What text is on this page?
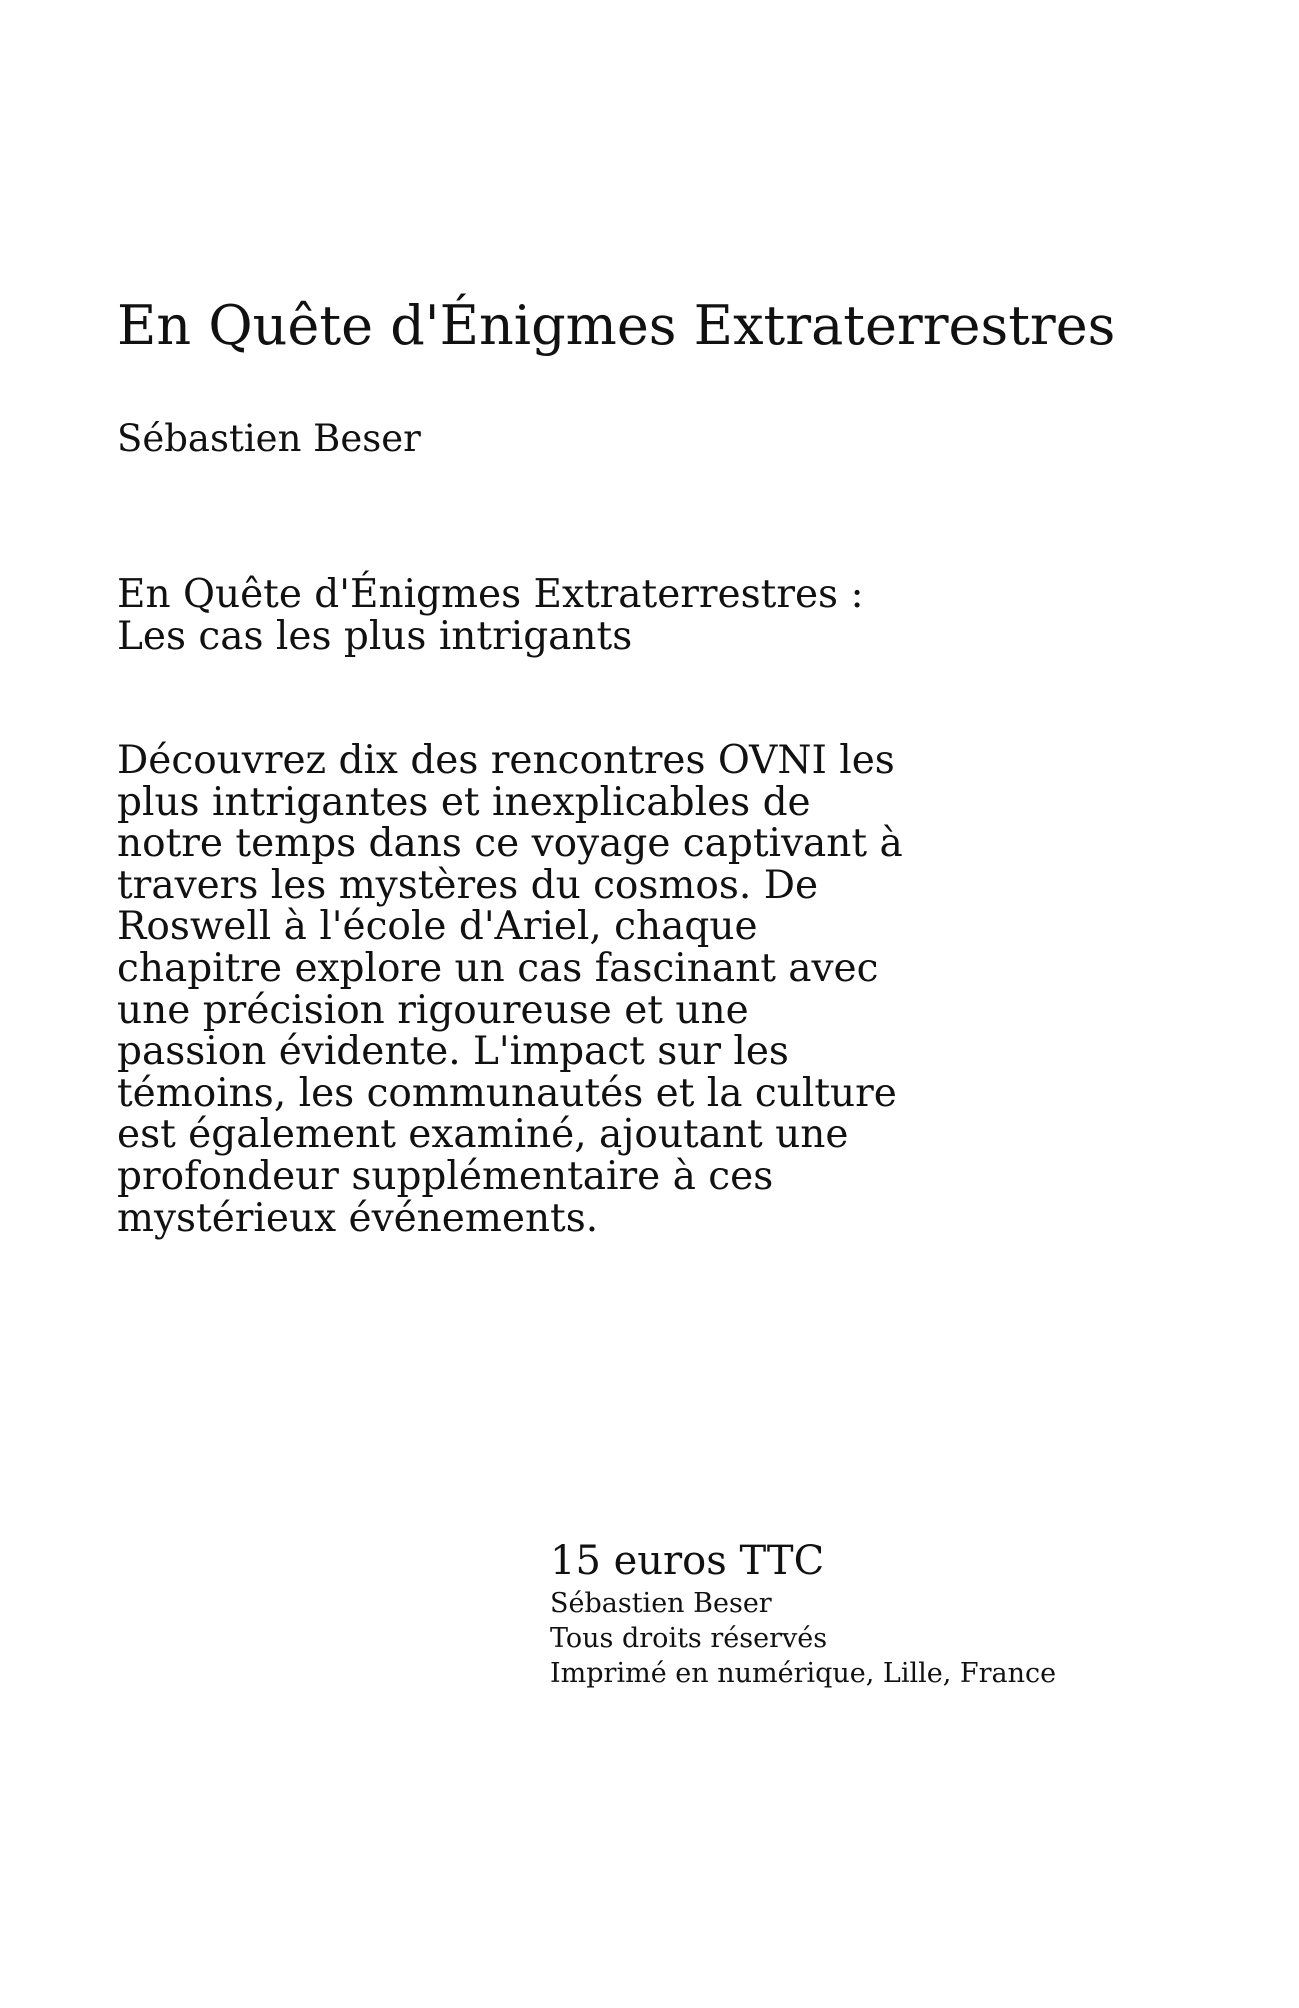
En Quête d'Énigmes Extraterrestres

Sébastien Beser

En Quête d'Énigmes Extraterrestres :
Les cas les plus intrigants

Découvrez dix des rencontres OVNI les
plus intrigantes et inexplicables de
notre temps dans ce voyage captivant à
travers les mystères du cosmos. De
Roswell à l'école d'Ariel, chaque
chapitre explore un cas fascinant avec
une précision rigoureuse et une
passion évidente. L'impact sur les
témoins, les communautés et la culture
est également examiné, ajoutant une
profondeur supplémentaire à ces
mystérieux événements.

15 euros TTC
Sébastien Beser
Tous droits réservés
Imprimé en numérique, Lille, France
